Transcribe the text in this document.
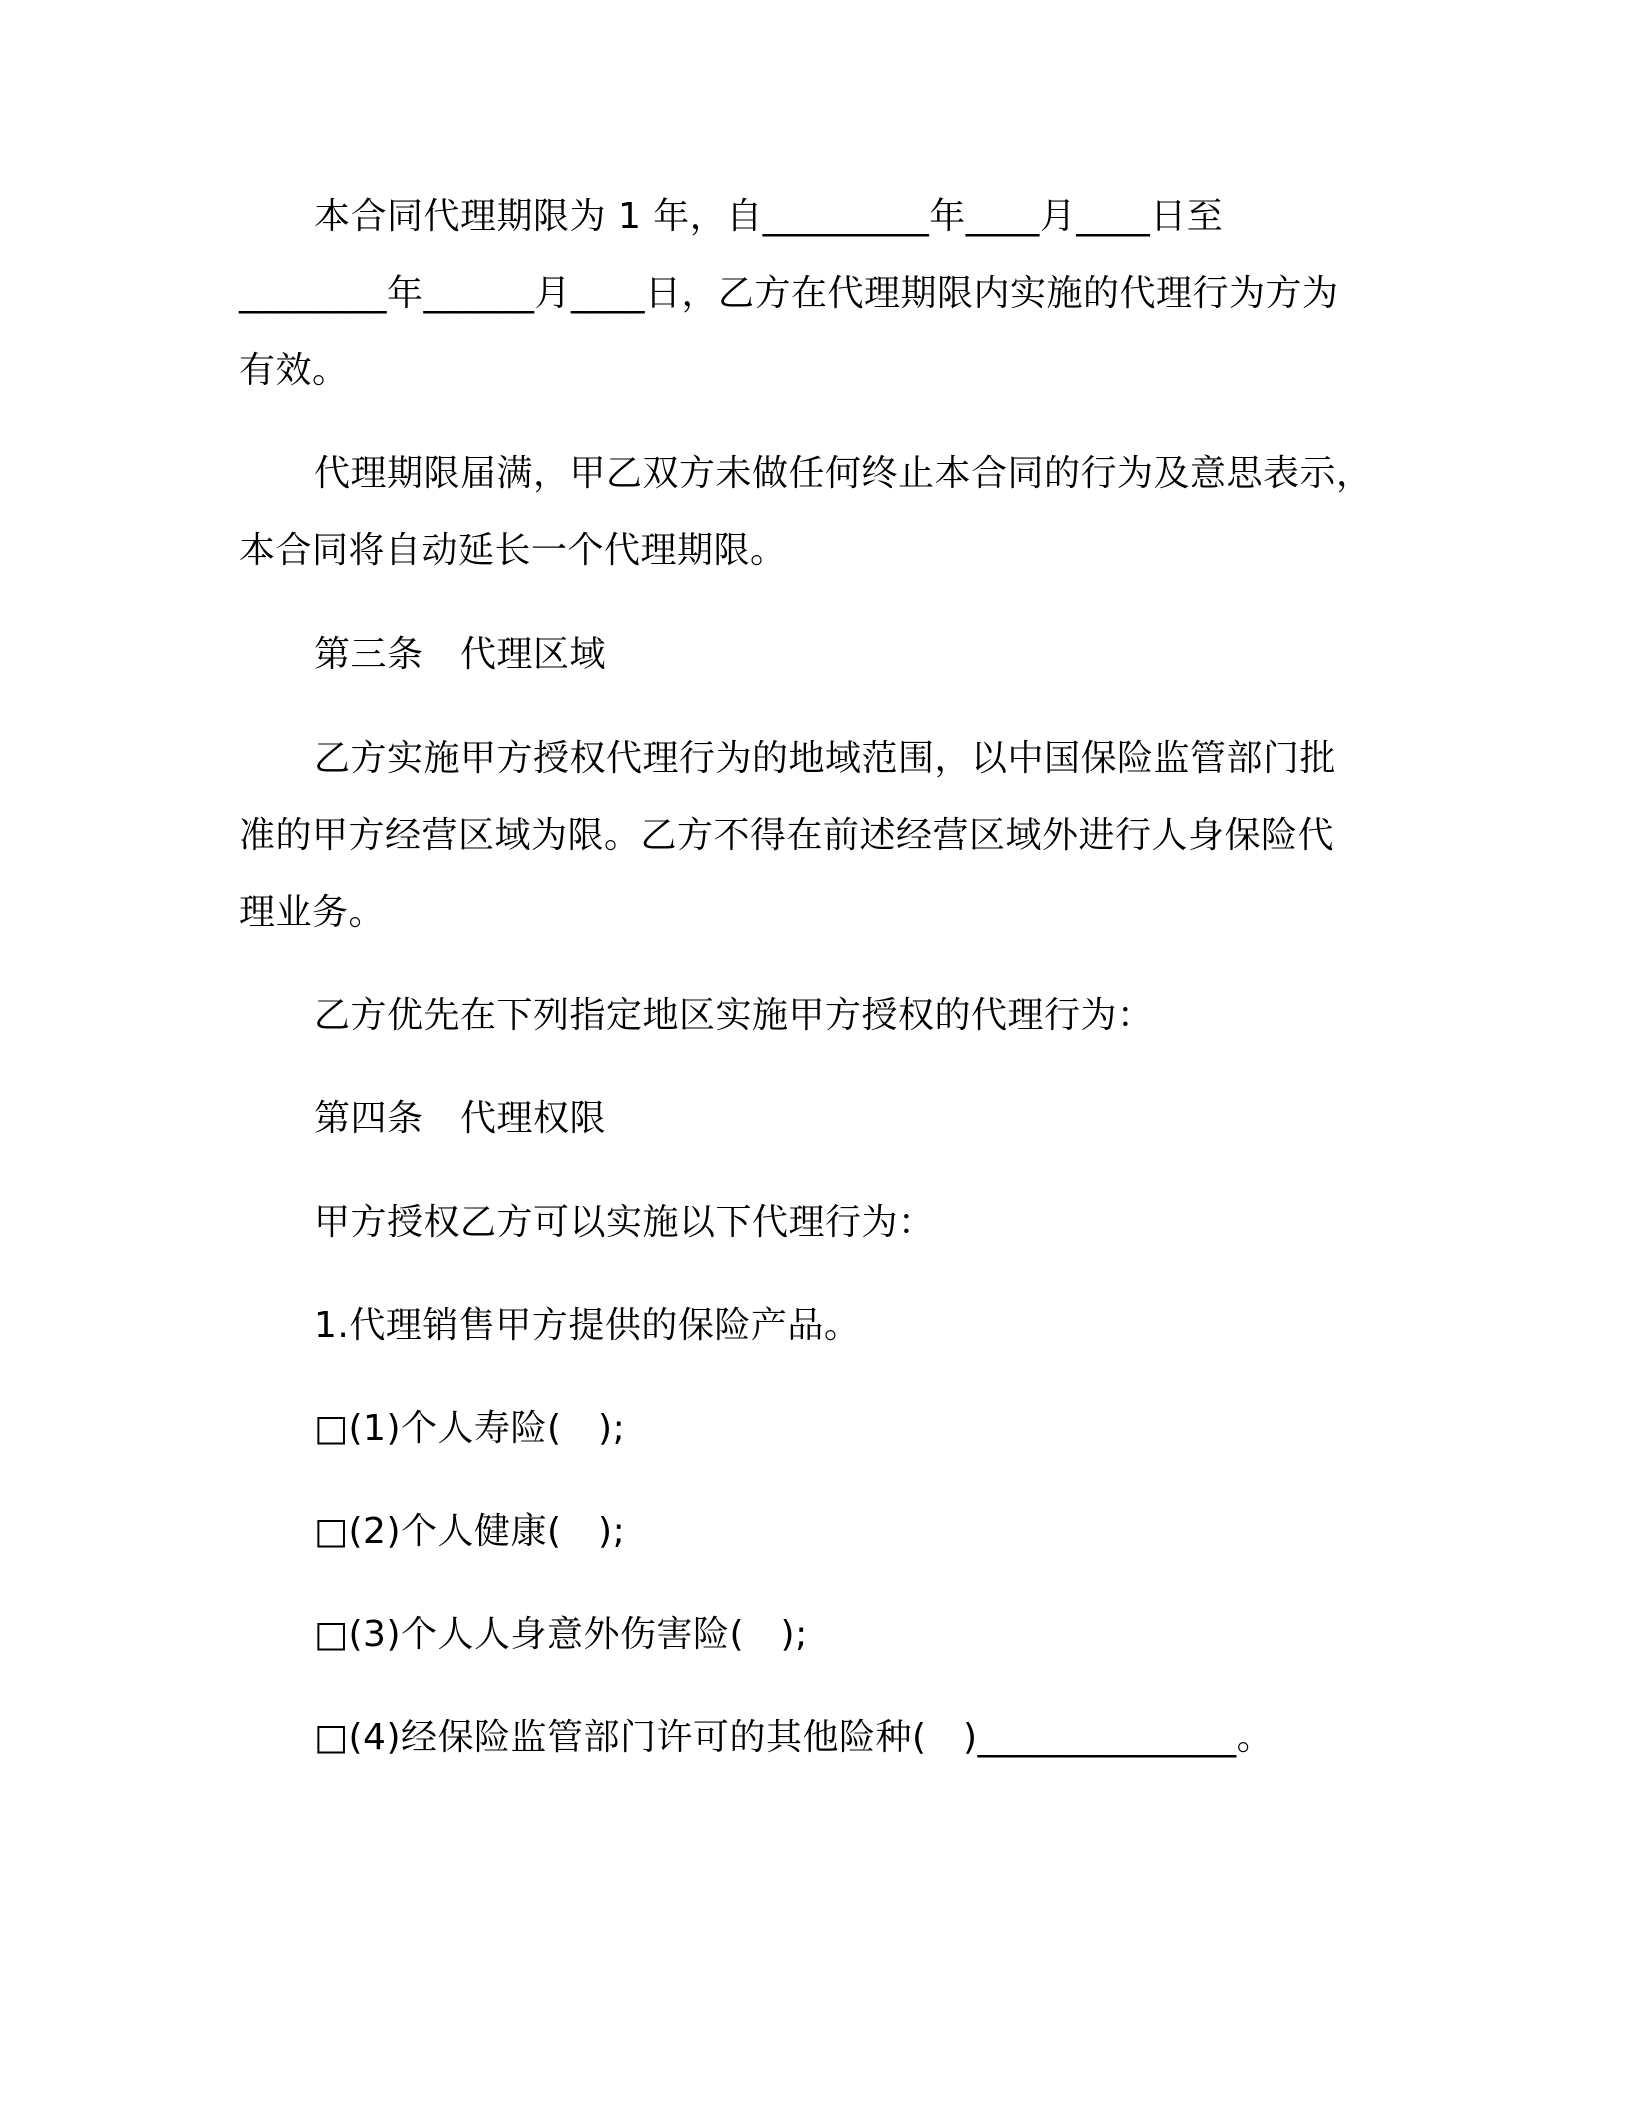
本合同代理期限为 1 年，自_________年____月____日至

________年______月____日，乙方在代理期限内实施的代理行为方为

有效。

代理期限届满，甲乙双方未做任何终止本合同的行为及意思表示，

本合同将自动延长一个代理期限。

第三条　代理区域

乙方实施甲方授权代理行为的地域范围，以中国保险监管部门批

准的甲方经营区域为限。乙方不得在前述经营区域外进行人身保险代

理业务。

乙方优先在下列指定地区实施甲方授权的代理行为：

第四条　代理权限

甲方授权乙方可以实施以下代理行为：

1.代理销售甲方提供的保险产品。

□(1)个人寿险(　);

□(2)个人健康(　);

□(3)个人人身意外伤害险(　);

□(4)经保险监管部门许可的其他险种(　)______________。
